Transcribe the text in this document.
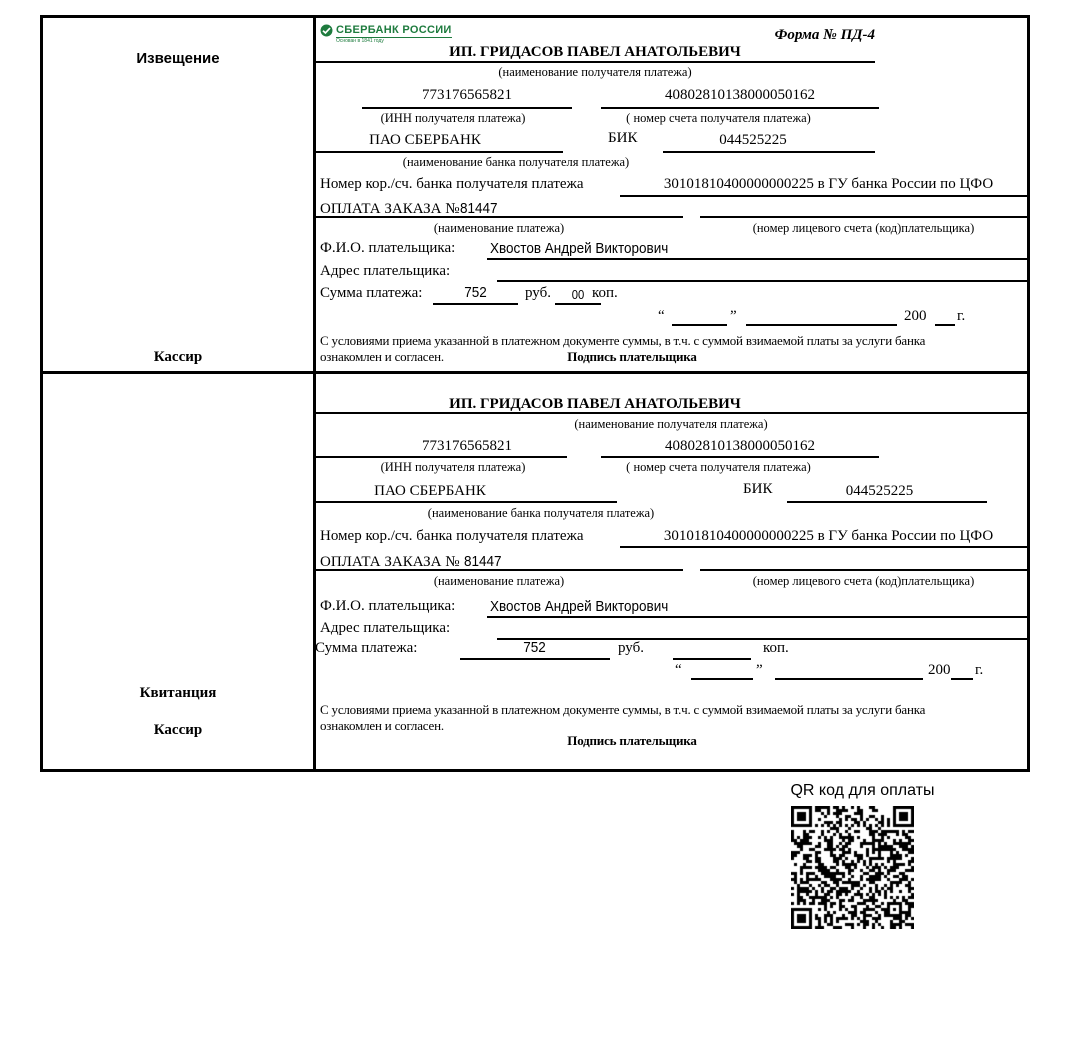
Извещение
Кассир
СБЕРБАНК РОССИИ
Основан в 1841 году	Форма № ПД-4
ИП. ГРИДАСОВ ПАВЕЛ АНАТОЛЬЕВИЧ
(наименование получателя платежа)
773176565821
(ИНН получателя платежа)
40802810138000050162
( номер счета получателя платежа)
ПАО СБЕРБАНК	БИК	044525225
(наименование банка получателя платежа)
Номер кор./сч. банка получателя платежа	30101810400000000225 в ГУ банка России по ЦФО
ОПЛАТА ЗАКАЗА №81447
(наименование платежа)	(номер лицевого счета (код)плательщика)
Ф.И.О. плательщика: Хвостов Андрей Викторович
Адрес плательщика:
Сумма платежа:	752	руб.	00 коп.
“	”	200 г.
С условиями приема указанной в платежном документе суммы, в т.ч. с суммой взимаемой платы за услуги банка
ознакомлен и согласен.	Подпись плательщика
Квитанция
Кассир
ИП. ГРИДАСОВ ПАВЕЛ АНАТОЛЬЕВИЧ
(наименование получателя платежа)
773176565821
(ИНН получателя платежа)
40802810138000050162
( номер счета получателя платежа)
ПАО СБЕРБАНК	БИК	044525225
(наименование банка получателя платежа)
Номер кор./сч. банка получателя платежа	30101810400000000225 в ГУ банка России по ЦФО
ОПЛАТА ЗАКАЗА № 81447
(наименование платежа)	(номер лицевого счета (код)плательщика)
Ф.И.О. плательщика: Хвостов Андрей Викторович
Адрес плательщика:
Сумма платежа:	752	руб.	коп.
“	”	200 г.
С условиями приема указанной в платежном документе суммы, в т.ч. с суммой взимаемой платы за услуги банка
ознакомлен и согласен.
Подпись плательщика
QR код для оплаты
